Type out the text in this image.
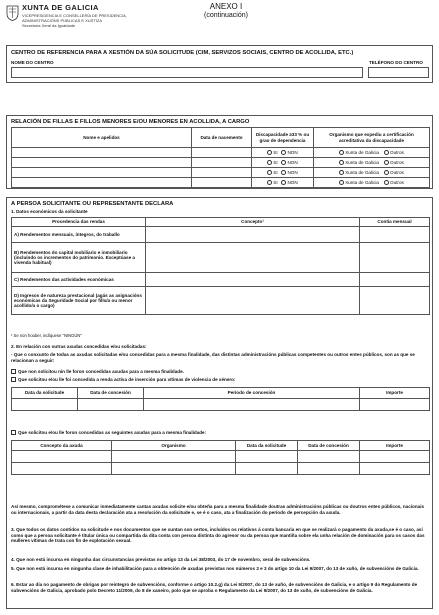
XUNTA DE GALICIA
VICEPRESIDENCIA E CONSELLERÍA DE PRESIDENCIA,
ADMINISTRACIÓNS PÚBLICAS E XUSTIZA
Secretaría Xeral da Igualdade
ANEXO I
(continuación)
CENTRO DE REFERENCIA PARA A XESTIÓN DA SÚA SOLICITUDE (CIM, SERVIZOS SOCIAIS, CENTRO DE ACOLLIDA, ETC.)
NOME DO CENTRO	TELÉFONO DO CENTRO
RELACIÓN DE FILLAS E FILLOS MENORES E/OU MENORES EN ACOLLIDA, A CARGO
Nome e apelidos	Data de nacemento	Discapacidade ≥33 % ou grao de dependencia	Organismo que expediu a certificación acreditativa da discapacidade
		SI NON	Xunta de Galicia Outros
		SI NON	Xunta de Galicia Outros
		SI NON	Xunta de Galicia Outros
		SI NON	Xunta de Galicia Outros
A PERSOA SOLICITANTE OU REPRESENTANTE DECLARA
1. Datos económicos da solicitante
Procedencia das rendas	Concepto¹	Contía mensual
A) Rendementos mensuais, íntegros, do traballo		
B) Rendementos do capital mobiliario e inmobiliario (incluíndo os incrementos do patrimonio. Exceptúase a vivenda habitual)		
C) Rendementos das actividades económicas		
D) Ingresos de natureza prestacional (agás as asignacións económicas da Seguridade Social por fillo/a ou menor acollido/a o cargo)		
¹ Se non houber, indíquese "NINGÚN"
2. En relación con outras axudas concedidas e/ou solicitadas:
- Que o conxunto de todas as axudas solicitadas e/ou concedidas para a mesma finalidade, das distintas administracións públicas competentes ou outros entes públicos, son as que se relacionan a seguir:
Que non solicitou nin lle foron concedidas axudas para a mesma finalidade.
Que solicitou e/ou lle foi concedida a renda activa de inserción para vítimas de violencia de xénero:
Data da solicitude	Data de concesión	Período de concesión	Importe

Que solicitou e/ou lle foron concedidas as seguintes axudas para a mesma finalidade:
Concepto da axuda	Organismo	Data da solicitude	Data de concesión	Importe

Así mesmo, comprométese a comunicar inmediatamente cantas axudas solicite e/ou obteña para a mesma finalidade doutras administracións públicas ou doutros entes públicos, nacionais ou internacionais, a partir da data desta declaración ata a resolución da solicitude e, se é o caso, ata a finalización do período de percepción da axuda.
3. Que todos os datos contidos na solicitude e nos documentos que se xuntan son certos, incluídos os relativos á conta bancaria en que se realizará o pagamento da axuda,se é o caso, así como que a persoa solicitante é titular única ou compartida da dita conta con persoa distinta do agresor ou da persoa que mantiña sobre ela unha relación de dominación para os casos das mulleres vítimas de trata con fin de explotación sexual.
4. Que non está incursa en ningunha das circunstancias previstas no artigo 13 da Lei 38/2003, do 17 de novembro, xeral de subvencións.
5. Que non está incursa en ningunha clase de inhabilitación para a obtención de axudas previstas nos números 2 e 3 do artigo 10 da Lei 9/2007, do 13 de xuño, de subvencións de Galicia.
6. Estar ao día no pagamento de obrigas por reintegro de subvencións, conforme o artigo 10.2.g) da Lei 9/2007, do 13 de xuño, de subvencións de Galicia, e o artigo 9 do Regulamento de subvencións de Galicia, aprobado polo Decreto 11/2009, do 8 de xaneiro, polo que se aproba o Regulamento da Lei 9/2007, do 13 de xuño, de subvencións de Galicia.
